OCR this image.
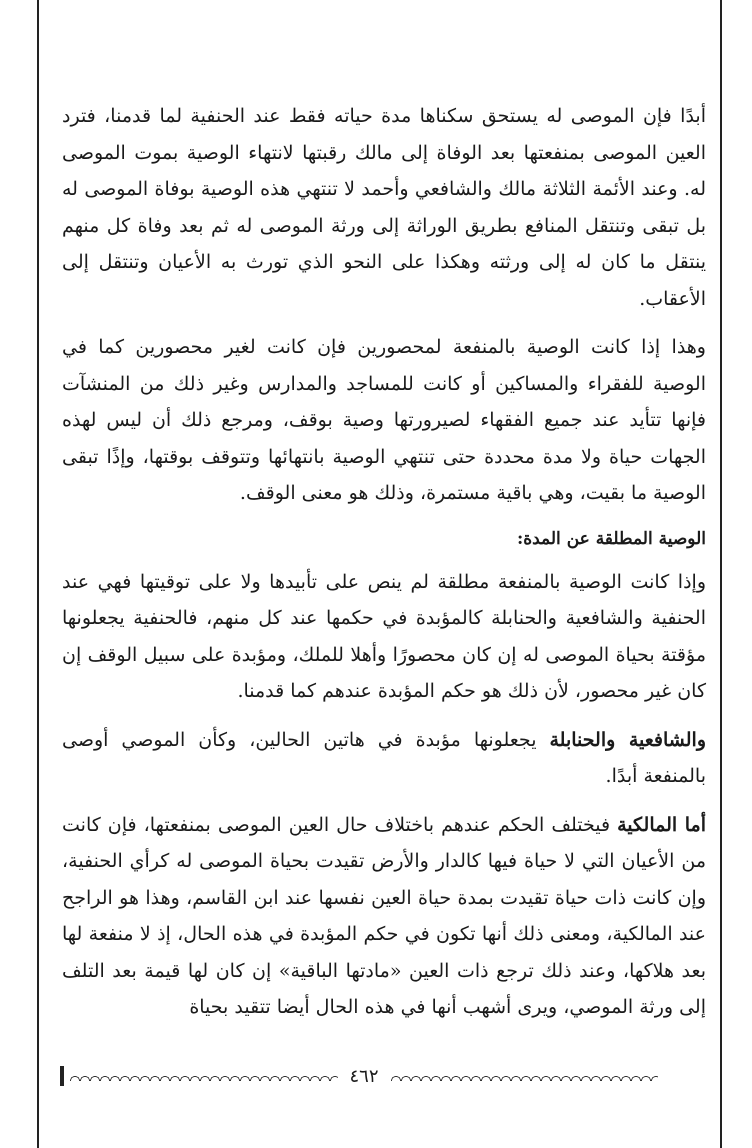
أبدًا فإن الموصى له يستحق سكناها مدة حياته فقط عند الحنفية لما قدمنا، فترد العين الموصى بمنفعتها بعد الوفاة إلى مالك رقبتها لانتهاء الوصية بموت الموصى له. وعند الأئمة الثلاثة مالك والشافعي وأحمد لا تنتهي هذه الوصية بوفاة الموصى له بل تبقى وتنتقل المنافع بطريق الوراثة إلى ورثة الموصى له ثم بعد وفاة كل منهم ينتقل ما كان له إلى ورثته وهكذا على النحو الذي تورث به الأعيان وتنتقل إلى الأعقاب.

وهذا إذا كانت الوصية بالمنفعة لمحصورين فإن كانت لغير محصورين كما في الوصية للفقراء والمساكين أو كانت للمساجد والمدارس وغير ذلك من المنشآت فإنها تتأيد عند جميع الفقهاء لصيرورتها وصية بوقف، ومرجع ذلك أن ليس لهذه الجهات حياة ولا مدة محددة حتى تنتهي الوصية بانتهائها وتتوقف بوقتها، وإذًا تبقى الوصية ما بقيت، وهي باقية مستمرة، وذلك هو معنى الوقف.

الوصية المطلقة عن المدة:

وإذا كانت الوصية بالمنفعة مطلقة لم ينص على تأبيدها ولا على توقيتها فهي عند الحنفية والشافعية والحنابلة كالمؤبدة في حكمها عند كل منهم، فالحنفية يجعلونها مؤقتة بحياة الموصى له إن كان محصورًا وأهلا للملك، ومؤبدة على سبيل الوقف إن كان غير محصور، لأن ذلك هو حكم المؤبدة عندهم كما قدمنا.

والشافعية والحنابلة يجعلونها مؤبدة في هاتين الحالين، وكأن الموصي أوصى بالمنفعة أبدًا.

أما المالكية فيختلف الحكم عندهم باختلاف حال العين الموصى بمنفعتها، فإن كانت من الأعيان التي لا حياة فيها كالدار والأرض تقيدت بحياة الموصى له كرأي الحنفية، وإن كانت ذات حياة تقيدت بمدة حياة العين نفسها عند ابن القاسم، وهذا هو الراجح عند المالكية، ومعنى ذلك أنها تكون في حكم المؤبدة في هذه الحال، إذ لا منفعة لها بعد هلاكها، وعند ذلك ترجع ذات العين «مادتها الباقية» إن كان لها قيمة بعد التلف إلى ورثة الموصي، ويرى أشهب أنها في هذه الحال أيضا تتقيد بحياة

٤٦٢
